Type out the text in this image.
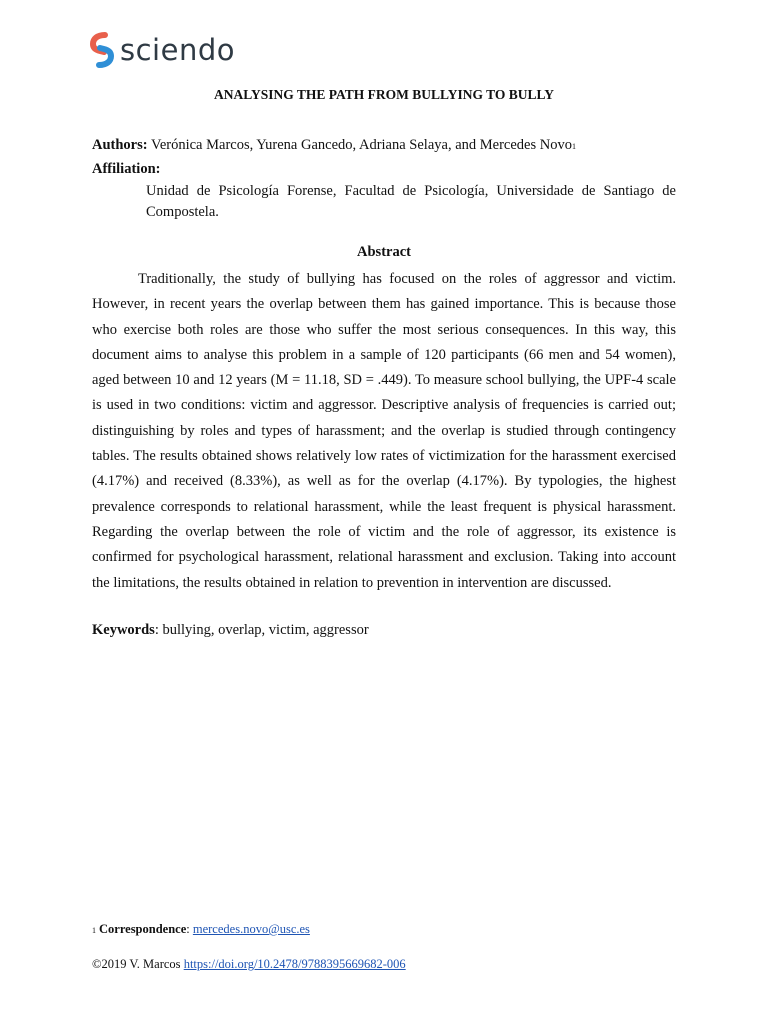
sciendo
ANALYSING THE PATH FROM BULLYING TO BULLY
Authors: Verónica Marcos, Yurena Gancedo, Adriana Selaya, and Mercedes Novo1
Affiliation:
Unidad de Psicología Forense, Facultad de Psicología, Universidade de Santiago de Compostela.
Abstract
Traditionally, the study of bullying has focused on the roles of aggressor and victim. However, in recent years the overlap between them has gained importance. This is because those who exercise both roles are those who suffer the most serious consequences. In this way, this document aims to analyse this problem in a sample of 120 participants (66 men and 54 women), aged between 10 and 12 years (M = 11.18, SD = .449). To measure school bullying, the UPF-4 scale is used in two conditions: victim and aggressor. Descriptive analysis of frequencies is carried out; distinguishing by roles and types of harassment; and the overlap is studied through contingency tables. The results obtained shows relatively low rates of victimization for the harassment exercised (4.17%) and received (8.33%), as well as for the overlap (4.17%). By typologies, the highest prevalence corresponds to relational harassment, while the least frequent is physical harassment. Regarding the overlap between the role of victim and the role of aggressor, its existence is confirmed for psychological harassment, relational harassment and exclusion. Taking into account the limitations, the results obtained in relation to prevention in intervention are discussed.
Keywords: bullying, overlap, victim, aggressor
1 Correspondence: mercedes.novo@usc.es
©2019 V. Marcos https://doi.org/10.2478/9788395669682-006
